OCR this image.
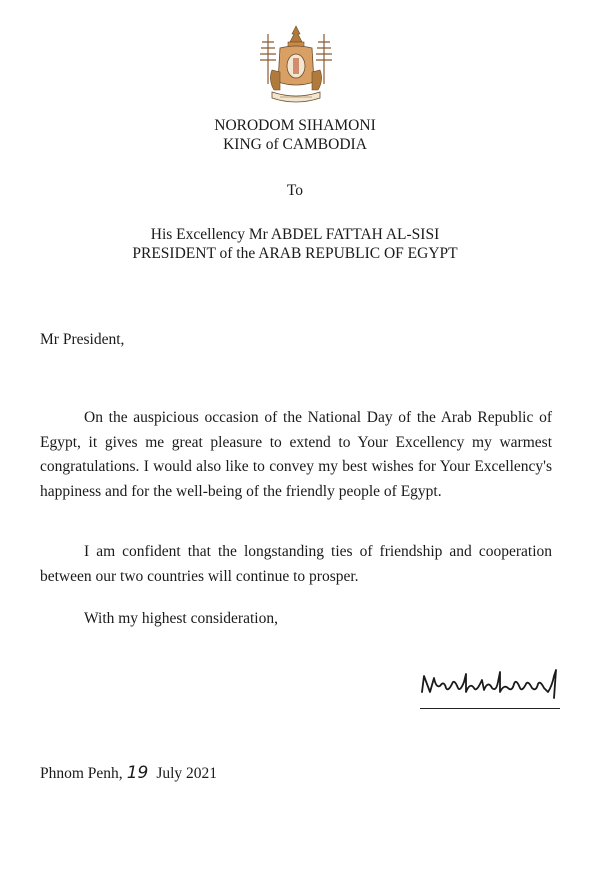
NORODOM SIHAMONI
KING of CAMBODIA
To
His Excellency Mr ABDEL FATTAH AL-SISI
PRESIDENT of the ARAB REPUBLIC OF EGYPT
Mr President,

On the auspicious occasion of the National Day of the Arab Republic of Egypt, it gives me great pleasure to extend to Your Excellency my warmest congratulations. I would also like to convey my best wishes for Your Excellency's happiness and for the well-being of the friendly people of Egypt.

I am confident that the longstanding ties of friendship and cooperation between our two countries will continue to prosper.

With my highest consideration,
Phnom Penh, 19 July 2021
